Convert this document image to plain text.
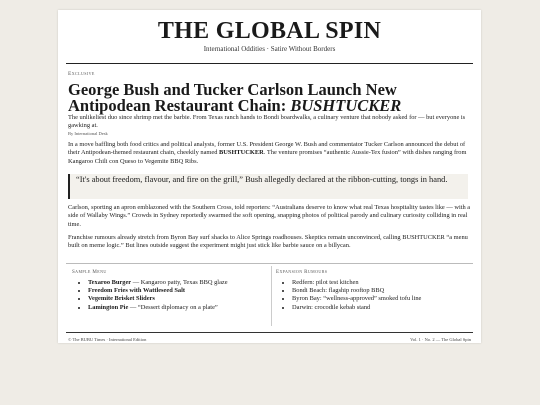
THE GLOBAL SPIN
International Oddities · Satire Without Borders
Exclusive
George Bush and Tucker Carlson Launch New Antipodean Restaurant Chain: BUSHTUCKER
The unlikeliest duo since shrimp met the barbie. From Texas ranch hands to Bondi boardwalks, a culinary venture that nobody asked for — but everyone is gawking at.
By International Desk
In a move baffling both food critics and political analysts, former U.S. President George W. Bush and commentator Tucker Carlson announced the debut of their Antipodean-themed restaurant chain, cheekily named BUSHTUCKER. The venture promises “authentic Aussie-Tex fusion” with dishes ranging from Kangaroo Chili con Queso to Vegemite BBQ Ribs.
“It's about freedom, flavour, and fire on the grill,” Bush allegedly declared at the ribbon-cutting, tongs in hand.
Carlson, sporting an apron emblazoned with the Southern Cross, told reporters: “Australians deserve to know what real Texas hospitality tastes like — with a side of Wallaby Wings.” Crowds in Sydney reportedly swarmed the soft opening, snapping photos of political parody and culinary curiosity colliding in real time.
Franchise rumours already stretch from Byron Bay surf shacks to Alice Springs roadhouses. Skeptics remain unconvinced, calling BUSHTUCKER “a menu built on meme logic.” But lines outside suggest the experiment might just stick like barbie sauce on a billycan.
Sample Menu
• Texaroo Burger — Kangaroo patty, Texas BBQ glaze
• Freedom Fries with Wattleseed Salt
• Vegemite Brisket Sliders
• Lamington Pie — “Dessert diplomacy on a plate”
Expansion Rumours
• Redfern: pilot test kitchen
• Bondi Beach: flagship rooftop BBQ
• Byron Bay: “wellness-approved” smoked tofu line
• Darwin: crocodile kebab stand
© The BUBU Times · International Edition	Vol. 1 · No. 2 — The Global Spin
